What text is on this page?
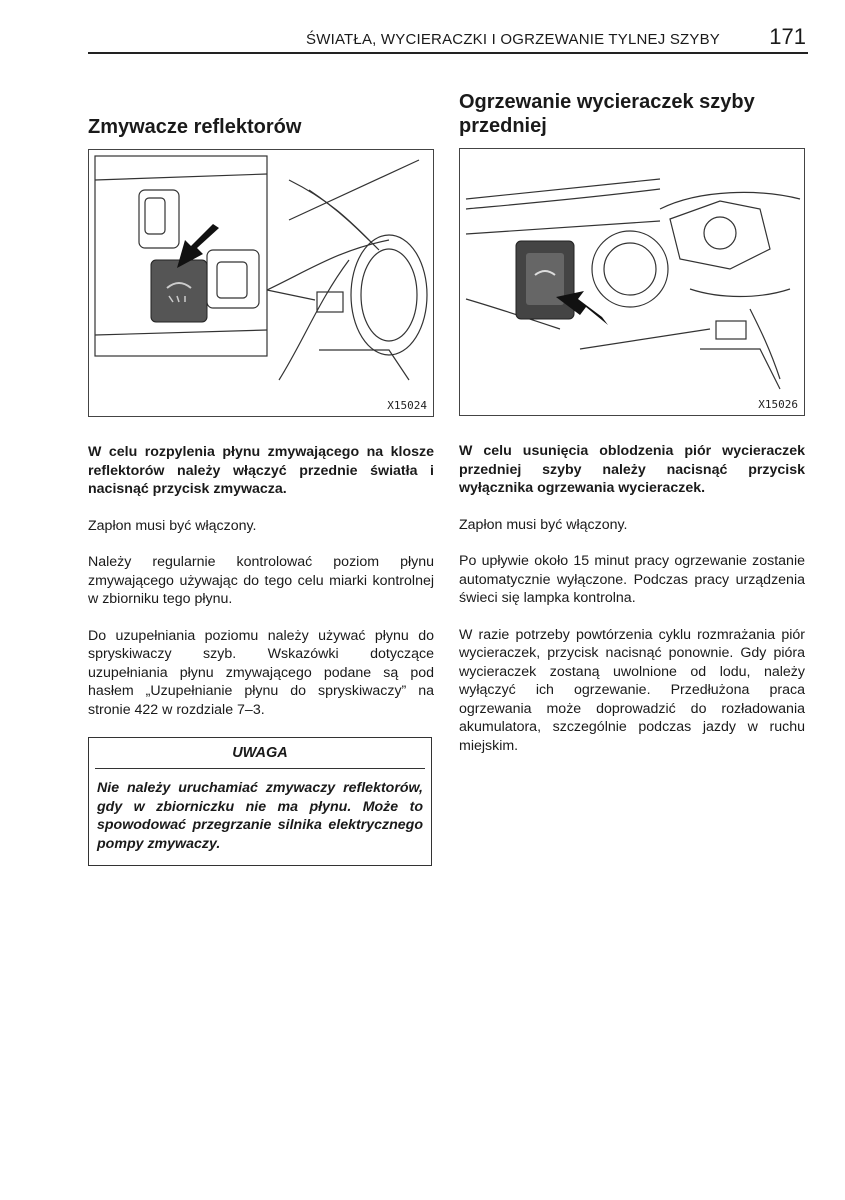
ŚWIATŁA, WYCIERACZKI I OGRZEWANIE TYLNEJ SZYBY 171
Zmywacze reflektorów
X15024

W celu rozpylenia płynu zmywającego na klosze reflektorów należy włączyć przednie światła i nacisnąć przycisk zmywacza.

Zapłon musi być włączony.

Należy regularnie kontrolować poziom płynu zmywającego używając do tego celu miarki kontrolnej w zbiorniku tego płynu.

Do uzupełniania poziomu należy używać płynu do spryskiwaczy szyb. Wskazówki dotyczące uzupełniania płynu zmywającego podane są pod hasłem „Uzupełnianie płynu do spryskiwaczy” na stronie 422 w rozdziale 7–3.

UWAGA

Nie należy uruchamiać zmywaczy reflektorów, gdy w zbiorniczku nie ma płynu. Może to spowodować przegrzanie silnika elektrycznego pompy zmywaczy.

Ogrzewanie wycieraczek szyby przedniej
X15026

W celu usunięcia oblodzenia piór wycieraczek przedniej szyby należy nacisnąć przycisk wyłącznika ogrzewania wycieraczek.

Zapłon musi być włączony.

Po upływie około 15 minut pracy ogrzewanie zostanie automatycznie wyłączone. Podczas pracy urządzenia świeci się lampka kontrolna.

W razie potrzeby powtórzenia cyklu rozmrażania piór wycieraczek, przycisk nacisnąć ponownie. Gdy pióra wycieraczek zostaną uwolnione od lodu, należy wyłączyć ich ogrzewanie. Przedłużona praca ogrzewania może doprowadzić do rozładowania akumulatora, szczególnie podczas jazdy w ruchu miejskim.
